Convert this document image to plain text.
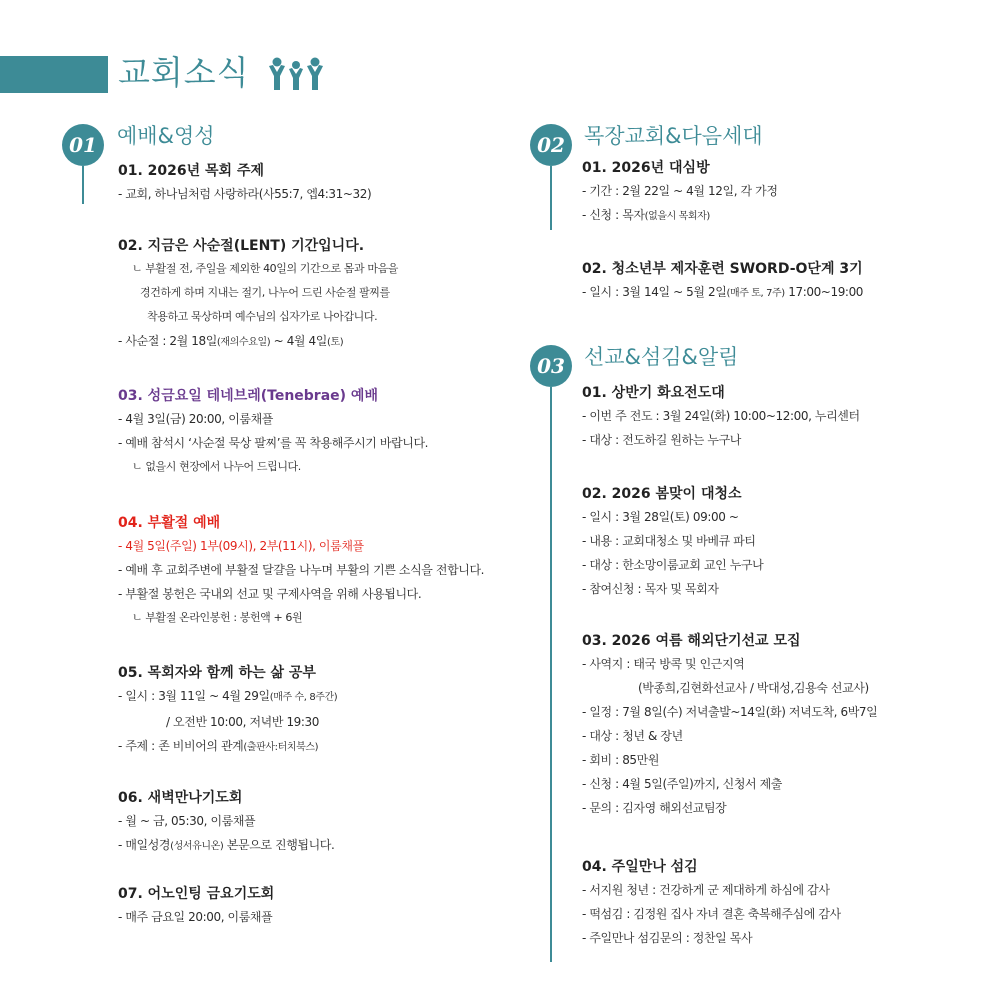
교회소식
01 예배&영성
01. 2026년 목회 주제
- 교회, 하나님처럼 사랑하라(사55:7, 엡4:31~32)
02. 지금은 사순절(LENT) 기간입니다.
ㄴ 부활절 전, 주일을 제외한 40일의 기간으로 몸과 마음을
경건하게 하며 지내는 절기, 나누어 드린 사순절 팔찌를
착용하고 묵상하며 예수님의 십자가로 나아갑니다.
- 사순절 : 2월 18일(재의수요일) ~ 4월 4일(토)
03. 성금요일 테네브레(Tenebrae) 예배
- 4월 3일(금) 20:00, 이룸채플
- 예배 참석시 ‘사순절 묵상 팔찌’를 꼭 착용해주시기 바랍니다.
ㄴ 없을시 현장에서 나누어 드립니다.
04. 부활절 예배
- 4월 5일(주일) 1부(09시), 2부(11시), 이룸채플
- 예배 후 교회주변에 부활절 달걀을 나누며 부활의 기쁜 소식을 전합니다.
- 부활절 봉헌은 국내외 선교 및 구제사역을 위해 사용됩니다.
ㄴ 부활절 온라인봉헌 : 봉헌액 + 6원
05. 목회자와 함께 하는 삶 공부
- 일시 : 3월 11일 ~ 4월 29일(매주 수, 8주간)
/ 오전반 10:00, 저녁반 19:30
- 주제 : 존 비비어의 관계(출판사:터치북스)
06. 새벽만나기도회
- 월 ~ 금, 05:30, 이룸채플
- 매일성경(성서유니온) 본문으로 진행됩니다.
07. 어노인팅 금요기도회
- 매주 금요일 20:00, 이룸채플
02 목장교회&다음세대
01. 2026년 대심방
- 기간 : 2월 22일 ~ 4월 12일, 각 가정
- 신청 : 목자(없을시 목회자)
02. 청소년부 제자훈련 SWORD-O단계 3기
- 일시 : 3월 14일 ~ 5월 2일(매주 토, 7주) 17:00~19:00
03 선교&섬김&알림
01. 상반기 화요전도대
- 이번 주 전도 : 3월 24일(화) 10:00~12:00, 누리센터
- 대상 : 전도하길 원하는 누구나
02. 2026 봄맞이 대청소
- 일시 : 3월 28일(토) 09:00 ~
- 내용 : 교회대청소 및 바베큐 파티
- 대상 : 한소망이룸교회 교인 누구나
- 참여신청 : 목자 및 목회자
03. 2026 여름 해외단기선교 모집
- 사역지 : 태국 방콕 및 인근지역
(박종희,김현화선교사 / 박대성,김용숙 선교사)
- 일정 : 7월 8일(수) 저녁출발~14일(화) 저녁도착, 6박7일
- 대상 : 청년 & 장년
- 회비 : 85만원
- 신청 : 4월 5일(주일)까지, 신청서 제출
- 문의 : 김자영 해외선교팀장
04. 주일만나 섬김
- 서지원 청년 : 건강하게 군 제대하게 하심에 감사
- 떡섬김 : 김정원 집사 자녀 결혼 축복해주심에 감사
- 주일만나 섬김문의 : 정찬일 목사
